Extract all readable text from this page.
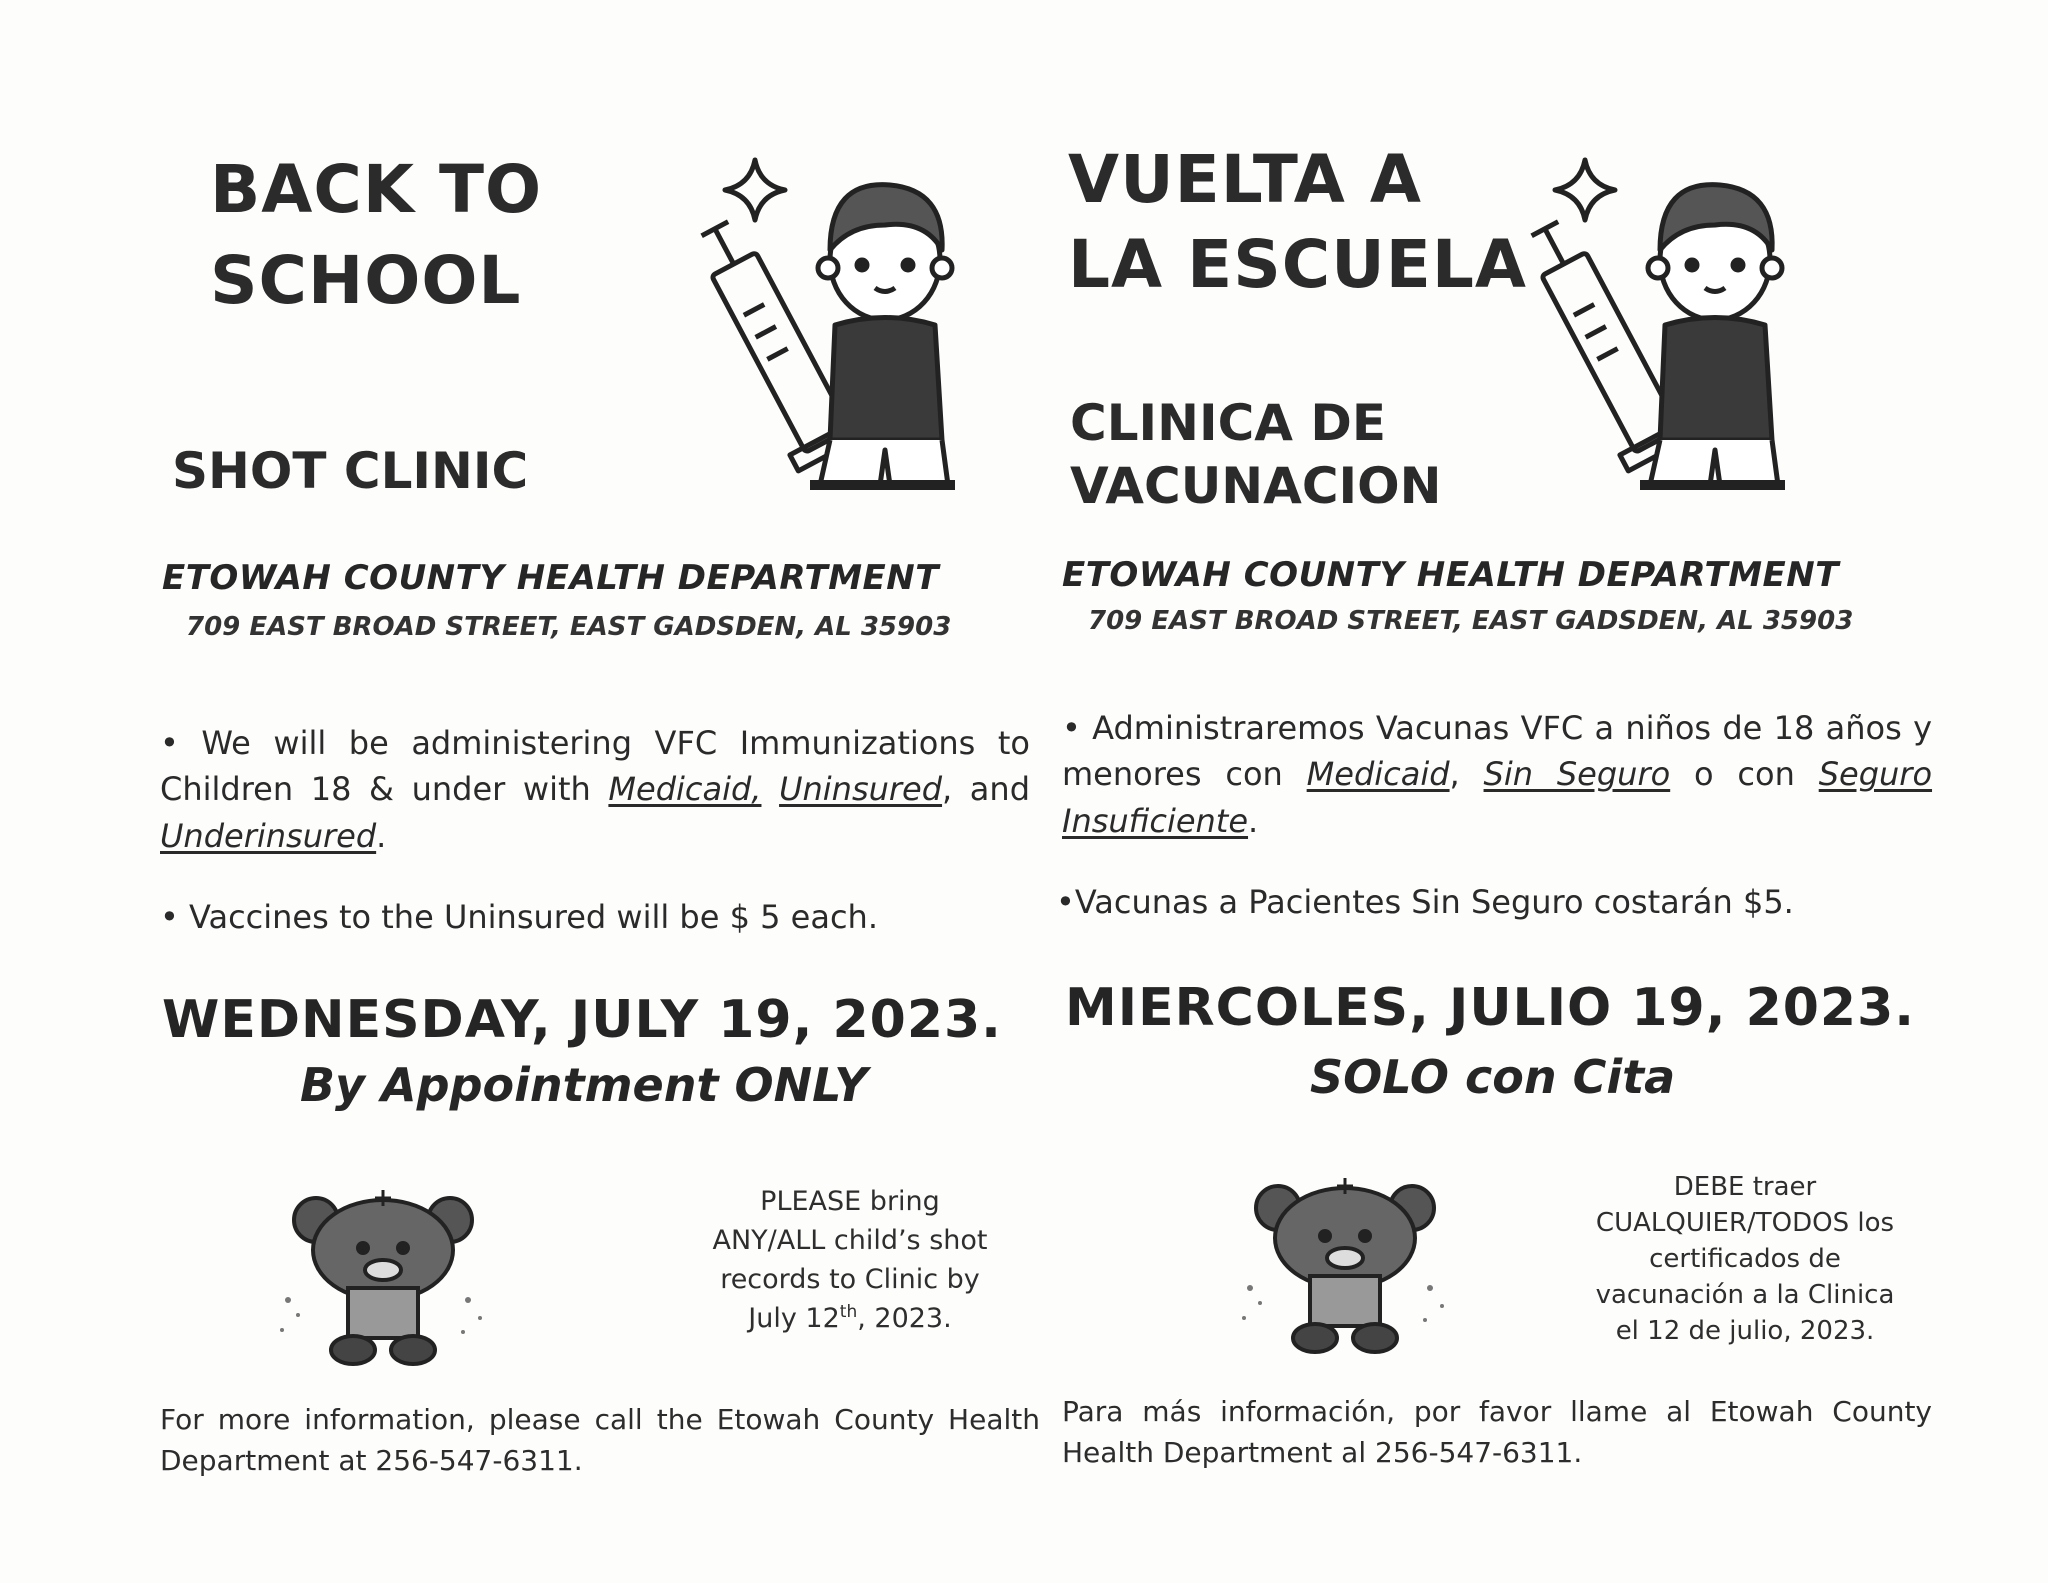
BACK TO
SCHOOL
SHOT CLINIC
ETOWAH COUNTY HEALTH DEPARTMENT
709 EAST BROAD STREET, EAST GADSDEN, AL 35903
• We will be administering VFC Immunizations to Children 18 & under with Medicaid, Uninsured, and Underinsured.
• Vaccines to the Uninsured will be $ 5 each.
WEDNESDAY, JULY 19, 2023.
By Appointment ONLY
PLEASE bring
ANY/ALL child’s shot
records to Clinic by
July 12th, 2023.
For more information, please call the Etowah County Health Department at 256-547-6311.
VUELTA A
LA ESCUELA
CLINICA DE
VACUNACION
ETOWAH COUNTY HEALTH DEPARTMENT
709 EAST BROAD STREET, EAST GADSDEN, AL 35903
• Administraremos Vacunas VFC a niños de 18 años y menores con Medicaid, Sin Seguro o con Seguro Insuficiente.
•Vacunas a Pacientes Sin Seguro costarán $5.
MIERCOLES, JULIO 19, 2023.
SOLO con Cita
DEBE traer
CUALQUIER/TODOS los
certificados de
vacunación a la Clinica
el 12 de julio, 2023.
Para más información, por favor llame al Etowah County Health Department al 256-547-6311.
